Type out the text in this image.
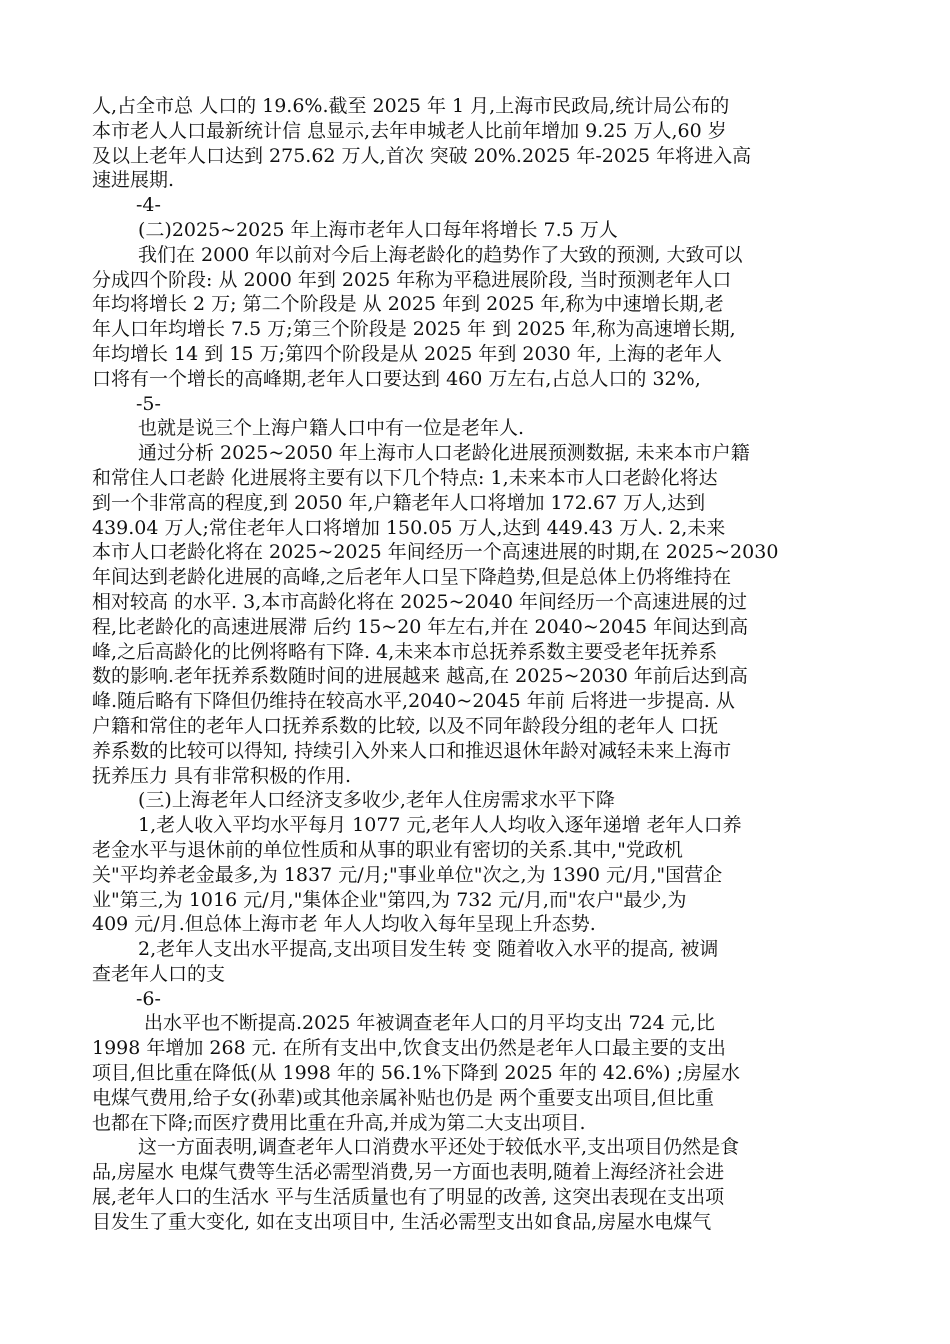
人,占全市总 人口的 19.6%.截至 2025 年 1 月,上海市民政局,统计局公布的
本市老人人口最新统计信 息显示,去年申城老人比前年增加 9.25 万人,60 岁
及以上老年人口达到 275.62 万人,首次 突破 20%.2025 年-2025 年将进入高
速进展期.
-4-
(二)2025~2025 年上海市老年人口每年将增长 7.5 万人
我们在 2000 年以前对今后上海老龄化的趋势作了大致的预测, 大致可以
分成四个阶段: 从 2000 年到 2025 年称为平稳进展阶段, 当时预测老年人口
年均将增长 2 万; 第二个阶段是 从 2025 年到 2025 年,称为中速增长期,老
年人口年均增长 7.5 万;第三个阶段是 2025 年 到 2025 年,称为高速增长期,
年均增长 14 到 15 万;第四个阶段是从 2025 年到 2030 年, 上海的老年人
口将有一个增长的高峰期,老年人口要达到 460 万左右,占总人口的 32%,
-5-
也就是说三个上海户籍人口中有一位是老年人.
通过分析 2025~2050 年上海市人口老龄化进展预测数据, 未来本市户籍
和常住人口老龄 化进展将主要有以下几个特点: 1,未来本市人口老龄化将达
到一个非常高的程度,到 2050 年,户籍老年人口将增加 172.67 万人,达到
439.04 万人;常住老年人口将增加 150.05 万人,达到 449.43 万人. 2,未来
本市人口老龄化将在 2025~2025 年间经历一个高速进展的时期,在 2025~2030
年间达到老龄化进展的高峰,之后老年人口呈下降趋势,但是总体上仍将维持在
相对较高 的水平. 3,本市高龄化将在 2025~2040 年间经历一个高速进展的过
程,比老龄化的高速进展滞 后约 15~20 年左右,并在 2040~2045 年间达到高
峰,之后高龄化的比例将略有下降. 4,未来本市总抚养系数主要受老年抚养系
数的影响.老年抚养系数随时间的进展越来 越高,在 2025~2030 年前后达到高
峰.随后略有下降但仍维持在较高水平,2040~2045 年前 后将进一步提高. 从
户籍和常住的老年人口抚养系数的比较, 以及不同年龄段分组的老年人 口抚
养系数的比较可以得知, 持续引入外来人口和推迟退休年龄对减轻未来上海市
抚养压力 具有非常积极的作用.
(三)上海老年人口经济支多收少,老年人住房需求水平下降
1,老人收入平均水平每月 1077 元,老年人人均收入逐年递增 老年人口养
老金水平与退休前的单位性质和从事的职业有密切的关系.其中,"党政机
关"平均养老金最多,为 1837 元/月;"事业单位"次之,为 1390 元/月,"国营企
业"第三,为 1016 元/月,"集体企业"第四,为 732 元/月,而"农户"最少,为
409 元/月.但总体上海市老 年人人均收入每年呈现上升态势.
2,老年人支出水平提高,支出项目发生转 变 随着收入水平的提高, 被调
查老年人口的支
-6-
出水平也不断提高.2025 年被调查老年人口的月平均支出 724 元,比
1998 年增加 268 元. 在所有支出中,饮食支出仍然是老年人口最主要的支出
项目,但比重在降低(从 1998 年的 56.1%下降到 2025 年的 42.6%) ;房屋水
电煤气费用,给子女(孙辈)或其他亲属补贴也仍是 两个重要支出项目,但比重
也都在下降;而医疗费用比重在升高,并成为第二大支出项目.
这一方面表明,调查老年人口消费水平还处于较低水平,支出项目仍然是食
品,房屋水 电煤气费等生活必需型消费,另一方面也表明,随着上海经济社会进
展,老年人口的生活水 平与生活质量也有了明显的改善, 这突出表现在支出项
目发生了重大变化, 如在支出项目中, 生活必需型支出如食品,房屋水电煤气
